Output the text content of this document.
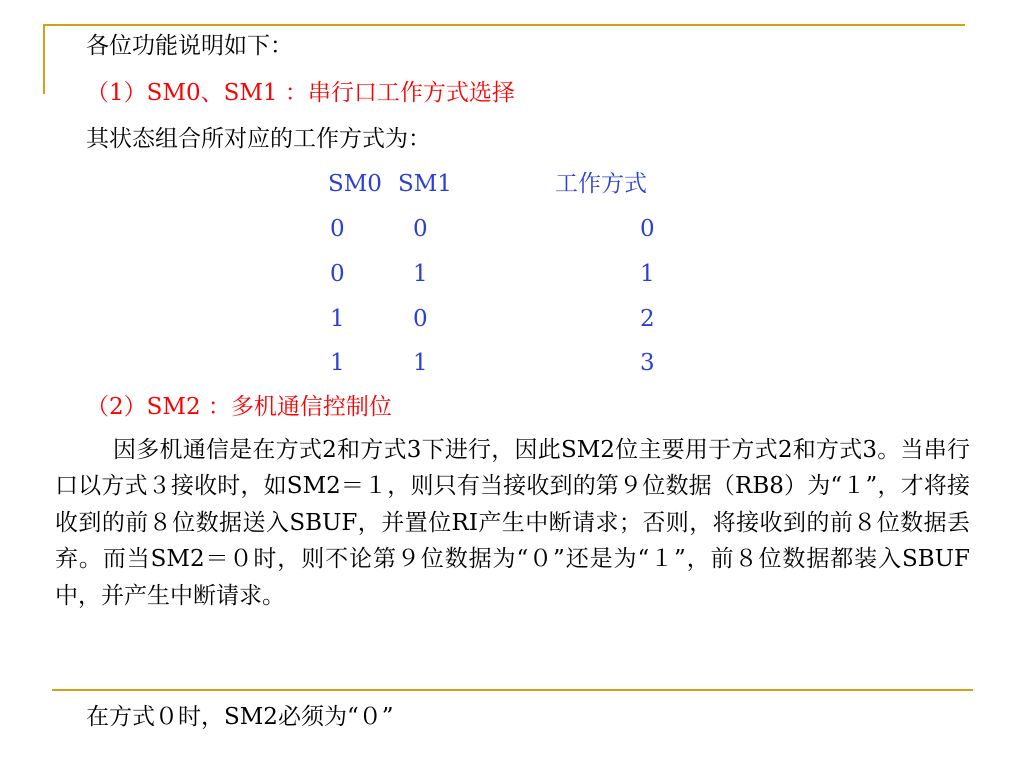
各位功能说明如下：
（1）SM0、SM1 ：串行口工作方式选择
其状态组合所对应的工作方式为：
SM0 SM1	工作方式
0	0	0
0	1	1
1	0	2
1	1	3
（2）SM2 ：多机通信控制位
因多机通信是在方式2和方式3下进行，因此SM2位主要用于方式2和方式3。当串行口以方式３接收时，如SM2＝１，则只有当接收到的第９位数据（RB8）为“１”，才将接收到的前８位数据送入SBUF，并置位RI产生中断请求；否则，将接收到的前８位数据丢弃。而当SM2＝０时，则不论第９位数据为“０”还是为“１”，前８位数据都装入SBUF中，并产生中断请求。
在方式０时，SM2必须为“０”
